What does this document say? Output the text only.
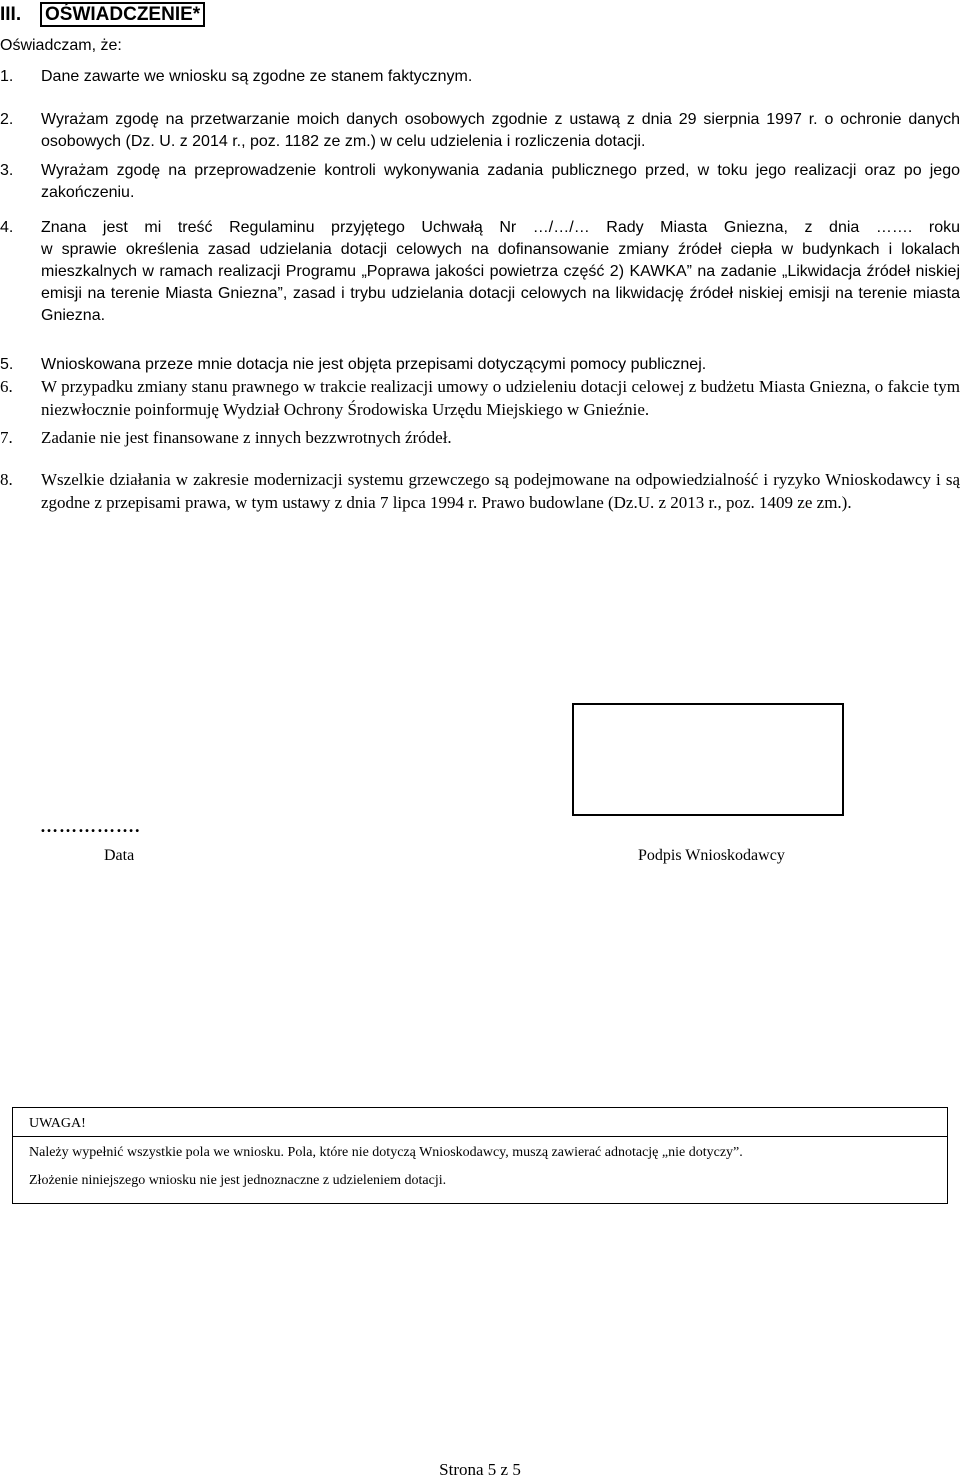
III. OŚWIADCZENIE*
Oświadczam, że:
1.	Dane zawarte we wniosku są zgodne ze stanem faktycznym.
2.	Wyrażam zgodę na przetwarzanie moich danych osobowych zgodnie z ustawą z dnia 29 sierpnia 1997 r. o ochronie danych osobowych (Dz. U. z 2014 r., poz. 1182 ze zm.) w celu udzielenia i rozliczenia dotacji.
3.	Wyrażam zgodę na przeprowadzenie kontroli wykonywania zadania publicznego przed, w toku jego realizacji oraz po jego zakończeniu.
4.	Znana jest mi treść Regulaminu przyjętego Uchwałą Nr …/…/… Rady Miasta Gniezna, z dnia ……. roku
w sprawie określenia zasad udzielania dotacji celowych na dofinansowanie zmiany źródeł ciepła w budynkach i lokalach mieszkalnych w ramach realizacji Programu „Poprawa jakości powietrza część 2) KAWKA” na zadanie „Likwidacja źródeł niskiej emisji na terenie Miasta Gniezna”, zasad i trybu udzielania dotacji celowych na likwidację źródeł niskiej emisji na terenie miasta Gniezna.
5.	Wnioskowana przeze mnie dotacja nie jest objęta przepisami dotyczącymi pomocy publicznej.
6.	W przypadku zmiany stanu prawnego w trakcie realizacji umowy o udzieleniu dotacji celowej z budżetu Miasta Gniezna, o fakcie tym niezwłocznie poinformuję Wydział Ochrony Środowiska Urzędu Miejskiego w Gnieźnie.
7.	Zadanie nie jest finansowane z innych bezzwrotnych źródeł.
8.	Wszelkie działania w zakresie modernizacji systemu grzewczego są podejmowane na odpowiedzialność i ryzyko Wnioskodawcy i są zgodne z przepisami prawa, w tym ustawy z dnia 7 lipca 1994 r. Prawo budowlane (Dz.U. z 2013 r., poz. 1409 ze zm.).
…………….
Data	Podpis Wnioskodawcy
UWAGA!
Należy wypełnić wszystkie pola we wniosku. Pola, które nie dotyczą Wnioskodawcy, muszą zawierać adnotację „nie dotyczy”.
Złożenie niniejszego wniosku nie jest jednoznaczne z udzieleniem dotacji.
Strona 5 z 5
